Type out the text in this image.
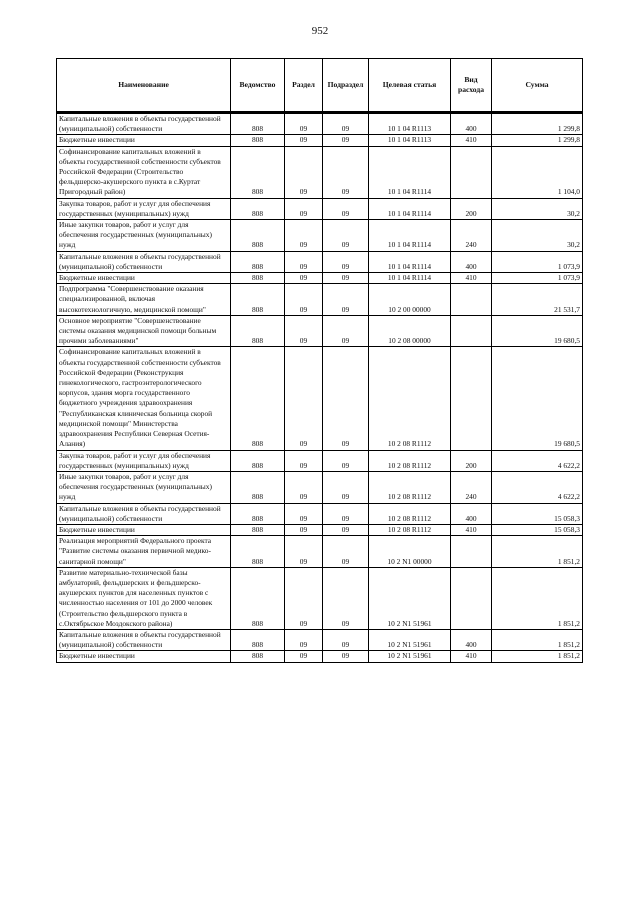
952
Наименование	Ведомство	Раздел	Подраздел	Целевая статья	Вид расхода	Сумма
Капитальные вложения в объекты государственной (муниципальной) собственности	808	09	09	10 1 04 R1113	400	1 299,8
Бюджетные инвестиции	808	09	09	10 1 04 R1113	410	1 299,8
Софинансирование капитальных вложений в объекты государственной собственности субъектов Российской Федерации (Строительство фельдшерско-акушерского пункта в с.Куртат Пригородный район)	808	09	09	10 1 04 R1114		1 104,0
Закупка товаров, работ и услуг для обеспечения государственных (муниципальных) нужд	808	09	09	10 1 04 R1114	200	30,2
Иные закупки товаров, работ и услуг для обеспечения государственных (муниципальных) нужд	808	09	09	10 1 04 R1114	240	30,2
Капитальные вложения в объекты государственной (муниципальной) собственности	808	09	09	10 1 04 R1114	400	1 073,9
Бюджетные инвестиции	808	09	09	10 1 04 R1114	410	1 073,9
Подпрограмма "Совершенствование оказания специализированной, включая высокотехнологичную, медицинской помощи"	808	09	09	10 2 00 00000		21 531,7
Основное мероприятие "Совершенствование системы оказания медицинской помощи больным прочими заболеваниями"	808	09	09	10 2 08 00000		19 680,5
Софинансирование капитальных вложений в объекты государственной собственности субъектов Российской Федерации (Реконструкция гинекологического, гастроэнтерологического корпусов, здания морга государственного бюджетного учреждения здравоохранения "Республиканская клиническая больница скорой медицинской помощи" Министерства здравоохранения Республики Северная Осетия-Алания)	808	09	09	10 2 08 R1112		19 680,5
Закупка товаров, работ и услуг для обеспечения государственных (муниципальных) нужд	808	09	09	10 2 08 R1112	200	4 622,2
Иные закупки товаров, работ и услуг для обеспечения государственных (муниципальных) нужд	808	09	09	10 2 08 R1112	240	4 622,2
Капитальные вложения в объекты государственной (муниципальной) собственности	808	09	09	10 2 08 R1112	400	15 058,3
Бюджетные инвестиции	808	09	09	10 2 08 R1112	410	15 058,3
Реализация мероприятий Федерального проекта "Развитие системы оказания первичной медико-санитарной помощи"	808	09	09	10 2 N1 00000		1 851,2
Развитие материально-технической базы амбулаторий, фельдшерских и фельдшерско-акушерских пунктов для населенных пунктов с численностью населения от 101 до 2000 человек (Строительство фельдшерского пункта в с.Октябрьское Моздокского района)	808	09	09	10 2 N1 51961		1 851,2
Капитальные вложения в объекты государственной (муниципальной) собственности	808	09	09	10 2 N1 51961	400	1 851,2
Бюджетные инвестиции	808	09	09	10 2 N1 51961	410	1 851,2
